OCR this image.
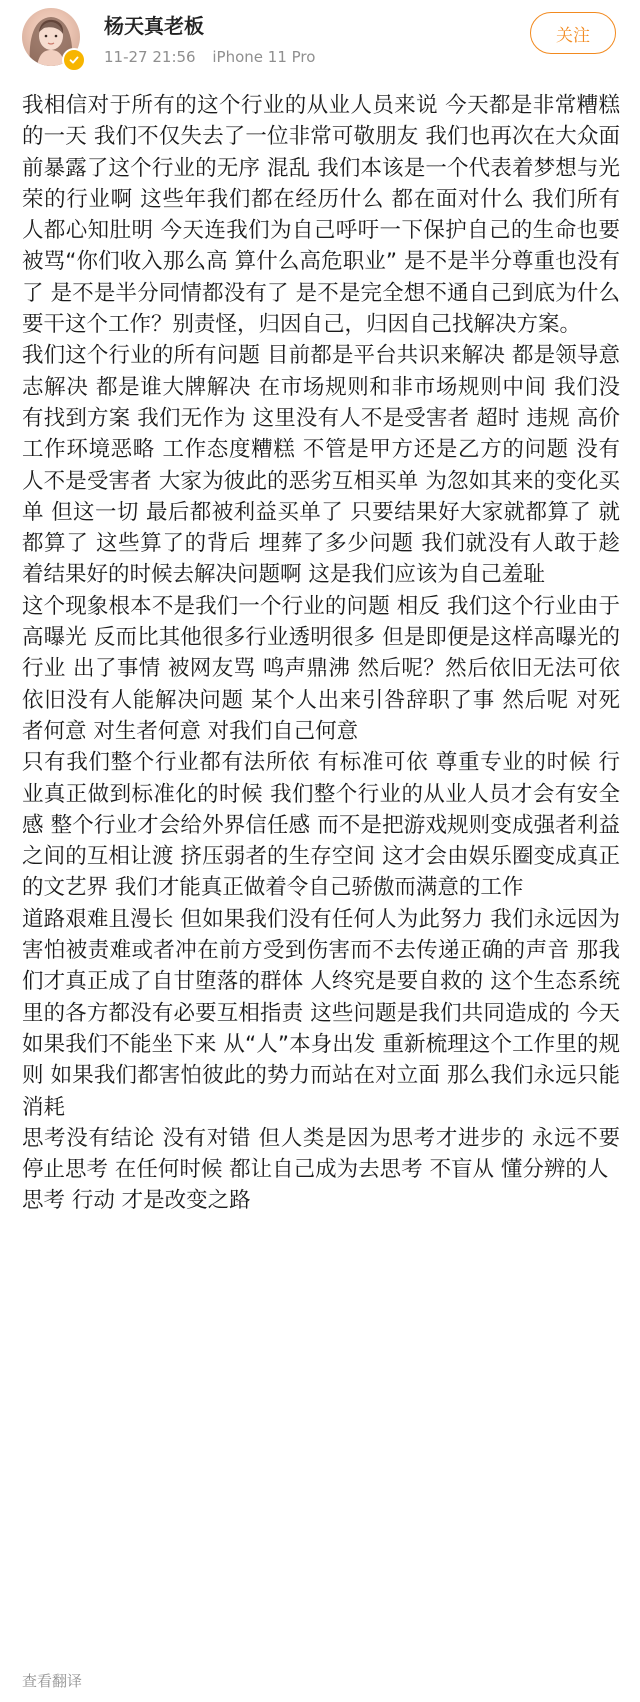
杨天真老板
11-27 21:56 iPhone 11 Pro
关注

我相信对于所有的这个行业的从业人员来说 今天都是非常糟糕的一天 我们不仅失去了一位非常可敬朋友 我们也再次在大众面前暴露了这个行业的无序 混乱 我们本该是一个代表着梦想与光荣的行业啊 这些年我们都在经历什么 都在面对什么 我们所有人都心知肚明 今天连我们为自己呼吁一下保护自己的生命也要被骂“你们收入那么高 算什么高危职业” 是不是半分尊重也没有了 是不是半分同情都没有了 是不是完全想不通自己到底为什么要干这个工作？别责怪，归因自己，归因自己找解决方案。

我们这个行业的所有问题 目前都是平台共识来解决 都是领导意志解决 都是谁大牌解决 在市场规则和非市场规则中间 我们没有找到方案 我们无作为 这里没有人不是受害者 超时 违规 高价 工作环境恶略 工作态度糟糕 不管是甲方还是乙方的问题 没有人不是受害者 大家为彼此的恶劣互相买单 为忽如其来的变化买单 但这一切 最后都被利益买单了 只要结果好大家就都算了 就都算了 这些算了的背后 埋葬了多少问题 我们就没有人敢于趁着结果好的时候去解决问题啊 这是我们应该为自己羞耻

这个现象根本不是我们一个行业的问题 相反 我们这个行业由于高曝光 反而比其他很多行业透明很多 但是即便是这样高曝光的行业 出了事情 被网友骂 鸣声鼎沸 然后呢？然后依旧无法可依 依旧没有人能解决问题 某个人出来引咎辞职了事 然后呢 对死者何意 对生者何意 对我们自己何意

只有我们整个行业都有法所依 有标准可依 尊重专业的时候 行业真正做到标准化的时候 我们整个行业的从业人员才会有安全感 整个行业才会给外界信任感 而不是把游戏规则变成强者利益之间的互相让渡 挤压弱者的生存空间 这才会由娱乐圈变成真正的文艺界 我们才能真正做着令自己骄傲而满意的工作

道路艰难且漫长 但如果我们没有任何人为此努力 我们永远因为害怕被责难或者冲在前方受到伤害而不去传递正确的声音 那我们才真正成了自甘堕落的群体 人终究是要自救的 这个生态系统里的各方都没有必要互相指责 这些问题是我们共同造成的 今天如果我们不能坐下来 从“人”本身出发 重新梳理这个工作里的规则 如果我们都害怕彼此的势力而站在对立面 那么我们永远只能消耗

思考没有结论 没有对错 但人类是因为思考才进步的 永远不要停止思考 在任何时候 都让自己成为去思考 不盲从 懂分辨的人

思考 行动 才是改变之路

查看翻译
